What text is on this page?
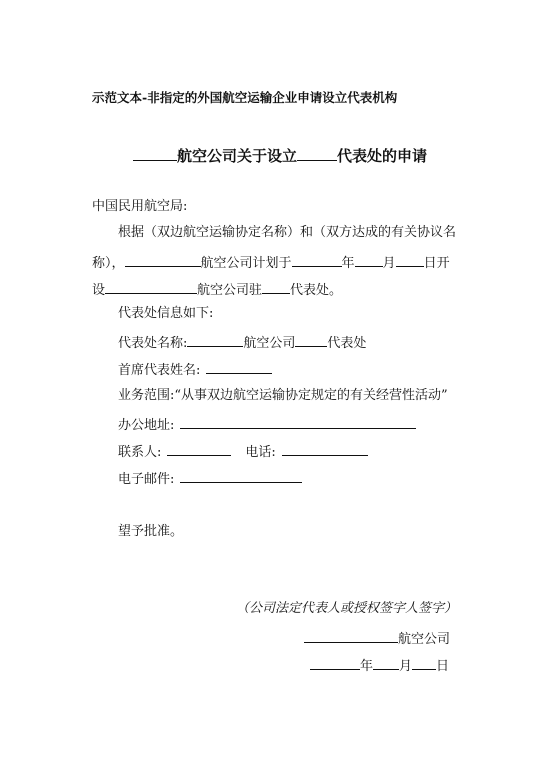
示范文本-非指定的外国航空运输企业申请设立代表机构
航空公司关于设立	代表处的申请
中国民用航空局:
根据（双边航空运输协定名称）和（双方达成的有关协议名
称），	航空公司计划于	年 月 日开
设	航空公司驻 代表处。
代表处信息如下:
代表处名称:	航空公司 代表处
首席代表姓名:
业务范围:“从事双边航空运输协定规定的有关经营性活动”
办公地址:
联系人:	电话:
电子邮件:
望予批准。
（公司法定代表人或授权签字人签字）
航空公司
年 月 日
